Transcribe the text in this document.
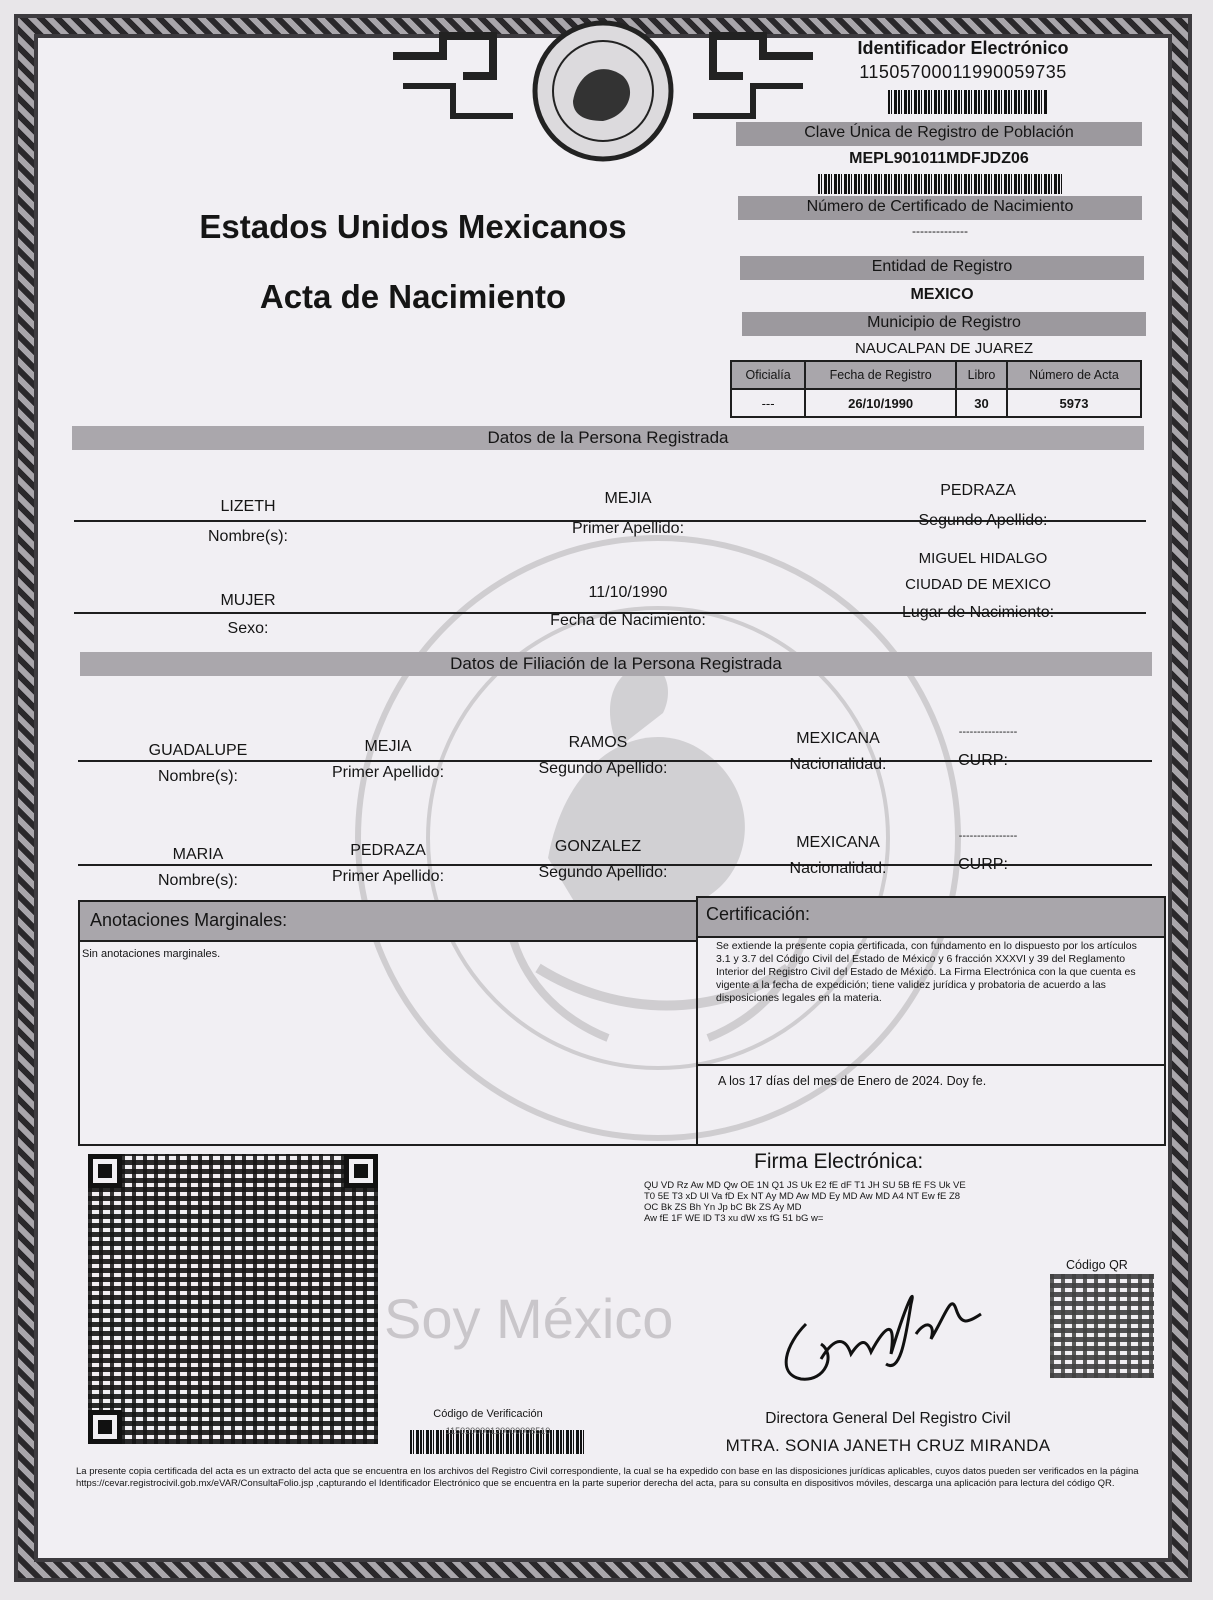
Estados Unidos Mexicanos
Acta de Nacimiento
Identificador Electrónico
11505700011990059735
Clave Única de Registro de Población
MEPL901011MDFJDZ06
Número de Certificado de Nacimiento
--------------
Entidad de Registro
MEXICO
Municipio de Registro
NAUCALPAN DE JUAREZ
Oficialía	Fecha de Registro	Libro	Número de Acta
---	26/10/1990	30	5973
Datos de la Persona Registrada
LIZETH	MEJIA	PEDRAZA
Nombre(s):	Primer Apellido:	Segundo Apellido:
MIGUEL HIDALGO
MUJER	11/10/1990	CIUDAD DE MEXICO
Sexo:	Fecha de Nacimiento:	Lugar de Nacimiento:
Datos de Filiación de la Persona Registrada
GUADALUPE	MEJIA	RAMOS	MEXICANA	----------------
Nombre(s):	Primer Apellido:	Segundo Apellido:	Nacionalidad:	CURP:
MARIA	PEDRAZA	GONZALEZ	MEXICANA	----------------
Nombre(s):	Primer Apellido:	Segundo Apellido:	Nacionalidad:	CURP:
Anotaciones Marginales:
Sin anotaciones marginales.
Certificación:
Se extiende la presente copia certificada, con fundamento en lo dispuesto por los artículos 3.1 y 3.7 del Código Civil del Estado de México y 6 fracción XXXVI y 39 del Reglamento Interior del Registro Civil del Estado de México. La Firma Electrónica con la que cuenta es vigente a la fecha de expedición; tiene validez jurídica y probatoria de acuerdo a las disposiciones legales en la materia.
A los 17 días del mes de Enero de 2024. Doy fe.
Firma Electrónica:
QU VD Rz Aw MD Qw OE 1N Q1 JS Uk E2 fE dF T1 JH SU 5B fE FS Uk VE
T0 5E T3 xD Ul Va fD Ex NT Ay MD Aw MD Ey MD Aw MD A4 NT Ew fE Z8
OC Bk ZS Bh Yn Jp bC Bk ZS Ay MD
Aw fE 1F WE lD T3 xu dW xs fG 51 bG w=
Código QR
Soy México
Directora General Del Registro Civil
MTRA. SONIA JANETH CRUZ MIRANDA
Código de Verificación
115020000120000008510
La presente copia certificada del acta es un extracto del acta que se encuentra en los archivos del Registro Civil correspondiente, la cual se ha expedido con base en las disposiciones jurídicas aplicables, cuyos datos pueden ser verificados en la página https://cevar.registrocivil.gob.mx/eVAR/ConsultaFolio.jsp ,capturando el Identificador Electrónico que se encuentra en la parte superior derecha del acta, para su consulta en dispositivos móviles, descarga una aplicación para lectura del código QR.
